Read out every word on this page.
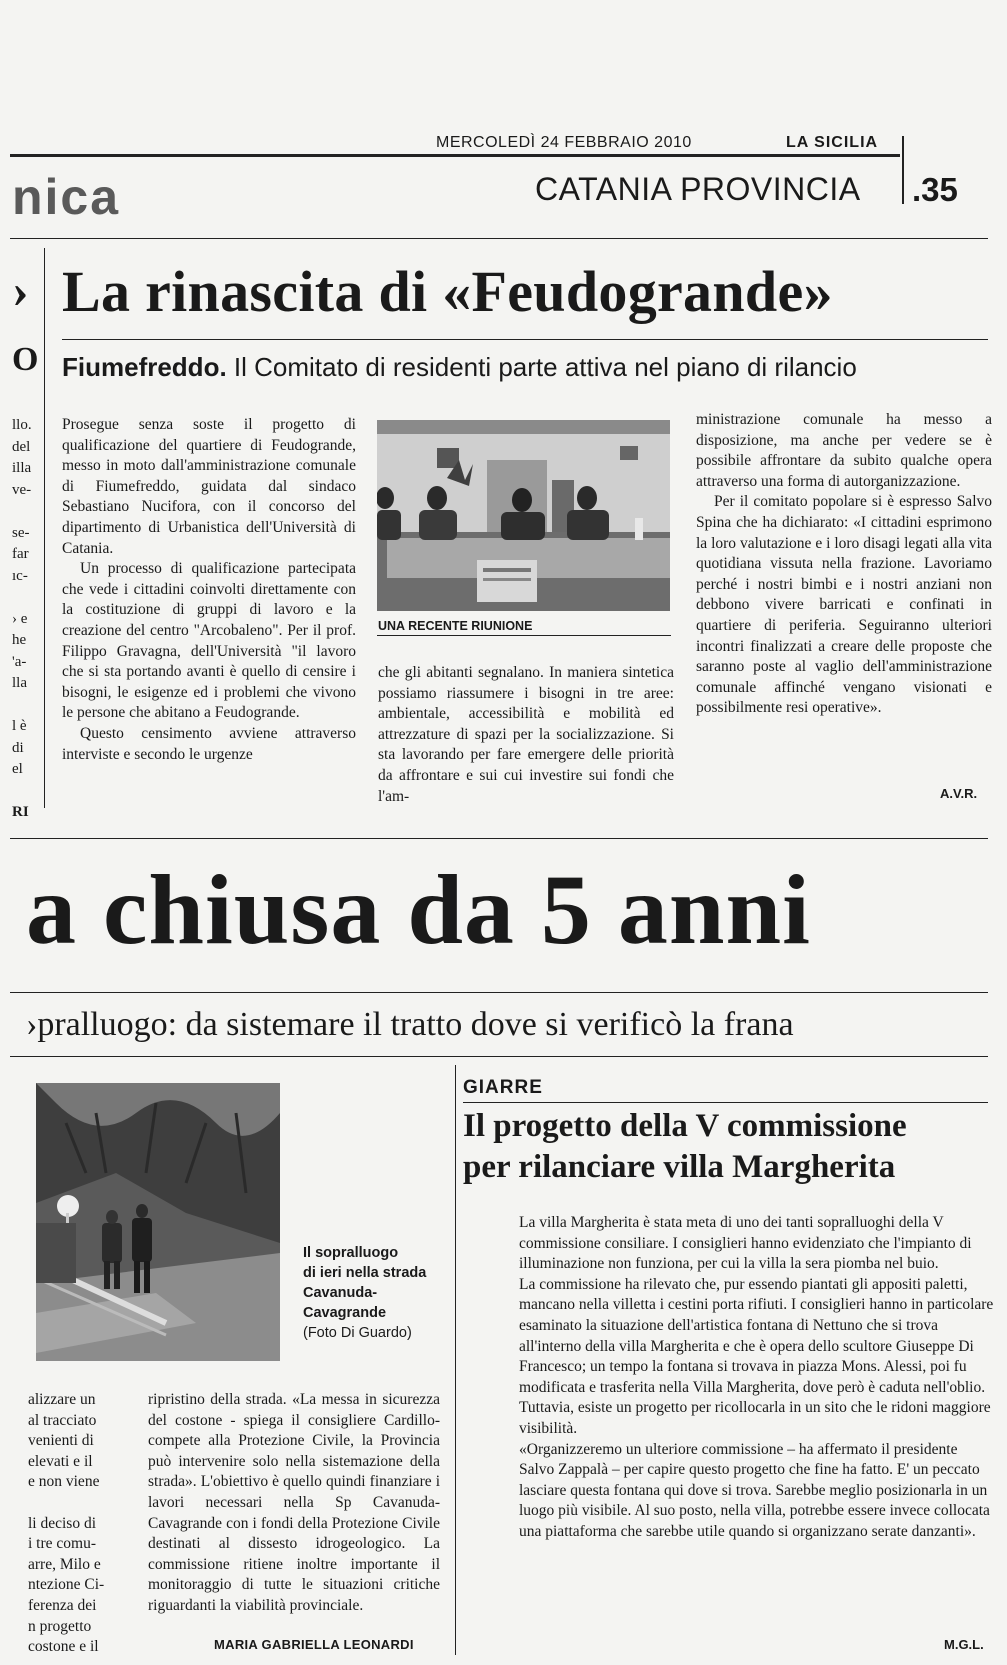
MERCOLEDÌ 24 FEBBRAIO 2010	LA SICILIA
nica	CATANIA PROVINCIA .35
›
O
La rinascita di «Feudogrande»
Fiumefreddo. Il Comitato di residenti parte attiva nel piano di rilancio
llo.
del
illa
ve-

se-
far
ıc-

› e
he
'a-
lla

l è
di
el

RI

Prosegue senza soste il progetto di qualificazione del quartiere di Feudogrande, messo in moto dall'amministrazione comunale di Fiumefreddo, guidata dal sindaco Sebastiano Nucifora, con il concorso del dipartimento di Urbanistica dell'Università di Catania.

Un processo di qualificazione partecipata che vede i cittadini coinvolti direttamente con la costituzione di gruppi di lavoro e la creazione del centro "Arcobaleno". Per il prof. Filippo Gravagna, dell'Università "il lavoro che si sta portando avanti è quello di censire i bisogni, le esigenze ed i problemi che vivono le persone che abitano a Feudogrande.

Questo censimento avviene attraverso interviste e secondo le urgenze

UNA RECENTE RIUNIONE

che gli abitanti segnalano. In maniera sintetica possiamo riassumere i bisogni in tre aree: ambientale, accessibilità e mobilità ed attrezzature di spazi per la socializzazione. Si sta lavorando per fare emergere delle priorità da affrontare e sui cui investire sui fondi che l'am-

ministrazione comunale ha messo a disposizione, ma anche per vedere se è possibile affrontare da subito qualche opera attraverso una forma di autorganizzazione.

Per il comitato popolare si è espresso Salvo Spina che ha dichiarato: «I cittadini esprimono la loro valutazione e i loro disagi legati alla vita quotidiana vissuta nella frazione. Lavoriamo perché i nostri bimbi e i nostri anziani non debbono vivere barricati e confinati in quartiere di periferia. Seguiranno ulteriori incontri finalizzati a creare delle proposte che saranno poste al vaglio dell'amministrazione comunale affinché vengano visionati e possibilmente resi operative».

A.V.R.
a chiusa da 5 anni
›pralluogo: da sistemare il tratto dove si verificò la frana
Il sopralluogo
di ieri nella strada
Cavanuda-
Cavagrande
(Foto Di Guardo)
alizzare un
al tracciato
venienti di
elevati e il
e non viene

li deciso di
i tre comu-
arre, Milo e
ntezione Ci-
ferenza dei
n progetto
costone e il

ripristino della strada. «La messa in sicurezza del costone - spiega il consigliere Cardillo- compete alla Protezione Civile, la Provincia può intervenire solo nella sistemazione della strada». L'obiettivo è quello quindi finanziare i lavori necessari nella Sp Cavanuda-Cavagrande con i fondi della Protezione Civile destinati al dissesto idrogeologico. La commissione ritiene inoltre importante il monitoraggio di tutte le situazioni critiche riguardanti la viabilità provinciale.

MARIA GABRIELLA LEONARDI
GIARRE
Il progetto della V commissione
per rilanciare villa Margherita

La villa Margherita è stata meta di uno dei tanti sopralluoghi della V commissione consiliare. I consiglieri hanno evidenziato che l'impianto di illuminazione non funziona, per cui la villa la sera piomba nel buio.

La commissione ha rilevato che, pur essendo piantati gli appositi paletti, mancano nella villetta i cestini porta rifiuti. I consiglieri hanno in particolare esaminato la situazione dell'artistica fontana di Nettuno che si trova all'interno della villa Margherita e che è opera dello scultore Giuseppe Di Francesco; un tempo la fontana si trovava in piazza Mons. Alessi, poi fu modificata e trasferita nella Villa Margherita, dove però è caduta nell'oblio. Tuttavia, esiste un progetto per ricollocarla in un sito che le ridoni maggiore visibilità.

«Organizzeremo un ulteriore commissione – ha affermato il presidente Salvo Zappalà – per capire questo progetto che fine ha fatto. E' un peccato lasciare questa fontana qui dove si trova. Sarebbe meglio posizionarla in un luogo più visibile. Al suo posto, nella villa, potrebbe essere invece collocata una piattaforma che sarebbe utile quando si organizzano serate danzanti».

M.G.L.
